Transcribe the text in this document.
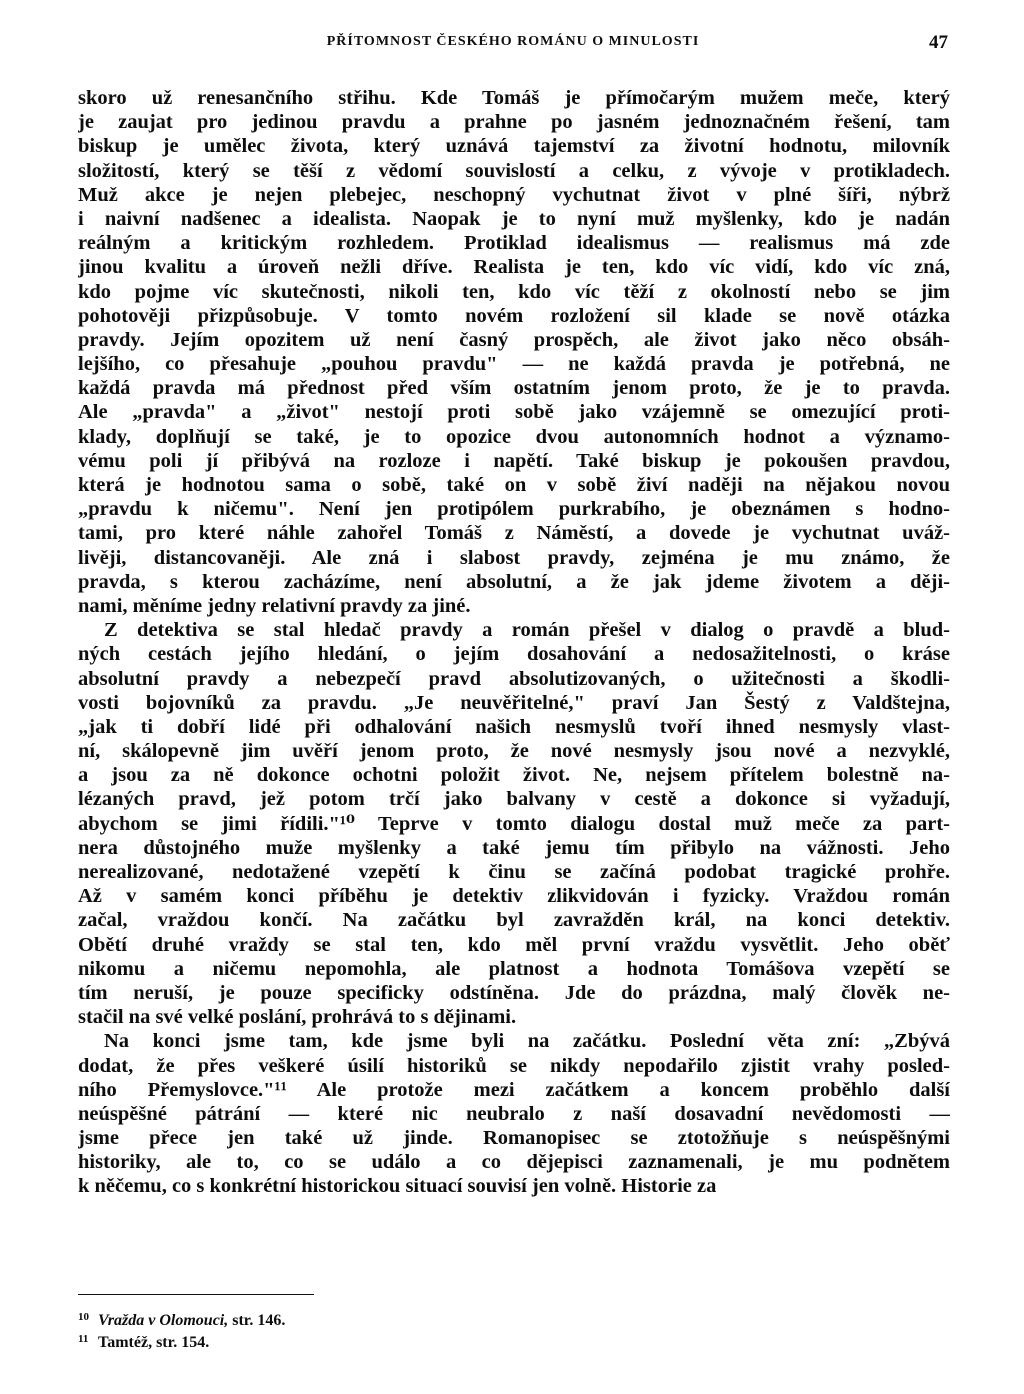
PŘÍTOMNOST ČESKÉHO ROMÁNU O MINULOSTI	47
skoro už renesančního střihu. Kde Tomáš je přímočarým mužem meče, který
je zaujat pro jedinou pravdu a prahne po jasném jednoznačném řešení, tam
biskup je umělec života, který uznává tajemství za životní hodnotu, milovník
složitostí, který se těší z vědomí souvislostí a celku, z vývoje v protikladech.
Muž akce je nejen plebejec, neschopný vychutnat život v plné šíři, nýbrž
i naivní nadšenec a idealista. Naopak je to nyní muž myšlenky, kdo je nadán
reálným a kritickým rozhledem. Protiklad idealismus — realismus má zde
jinou kvalitu a úroveň nežli dříve. Realista je ten, kdo víc vidí, kdo víc zná,
kdo pojme víc skutečnosti, nikoli ten, kdo víc těží z okolností nebo se jim
pohotověji přizpůsobuje. V tomto novém rozložení sil klade se nově otázka
pravdy. Jejím opozitem už není časný prospěch, ale život jako něco obsáh-
lejšího, co přesahuje „pouhou pravdu" — ne každá pravda je potřebná, ne
každá pravda má přednost před vším ostatním jenom proto, že je to pravda.
Ale „pravda" a „život" nestojí proti sobě jako vzájemně se omezující proti-
klady, doplňují se také, je to opozice dvou autonomních hodnot a významo-
vému poli jí přibývá na rozloze i napětí. Také biskup je pokoušen pravdou,
která je hodnotou sama o sobě, také on v sobě živí naději na nějakou novou
„pravdu k ničemu". Není jen protipólem purkrabího, je obeznámen s hodno-
tami, pro které náhle zahořel Tomáš z Náměstí, a dovede je vychutnat uváž-
livěji, distancovaněji. Ale zná i slabost pravdy, zejména je mu známo, že
pravda, s kterou zacházíme, není absolutní, a že jak jdeme životem a ději-
nami, měníme jedny relativní pravdy za jiné.
Z detektiva se stal hledač pravdy a román přešel v dialog o pravdě a blud-
ných cestách jejího hledání, o jejím dosahování a nedosažitelnosti, o kráse
absolutní pravdy a nebezpečí pravd absolutizovaných, o užitečnosti a škodli-
vosti bojovníků za pravdu. „Je neuvěřitelné," praví Jan Šestý z Valdštejna,
„jak ti dobří lidé při odhalování našich nesmyslů tvoří ihned nesmysly vlast-
ní, skálopevně jim uvěří jenom proto, že nové nesmysly jsou nové a nezvyklé,
a jsou za ně dokonce ochotni položit život. Ne, nejsem přítelem bolestně na-
lézaných pravd, jež potom trčí jako balvany v cestě a dokonce si vyžadují,
abychom se jimi řídili."¹⁰ Teprve v tomto dialogu dostal muž meče za part-
nera důstojného muže myšlenky a také jemu tím přibylo na vážnosti. Jeho
nerealizované, nedotažené vzepětí k činu se začíná podobat tragické prohře.
Až v samém konci příběhu je detektiv zlikvidován i fyzicky. Vraždou román
začal, vraždou končí. Na začátku byl zavražděn král, na konci detektiv.
Obětí druhé vraždy se stal ten, kdo měl první vraždu vysvětlit. Jeho oběť
nikomu a ničemu nepomohla, ale platnost a hodnota Tomášova vzepětí se
tím neruší, je pouze specificky odstíněna. Jde do prázdna, malý člověk ne-
stačil na své velké poslání, prohrává to s dějinami.
Na konci jsme tam, kde jsme byli na začátku. Poslední věta zní: „Zbývá
dodat, že přes veškeré úsilí historiků se nikdy nepodařilo zjistit vrahy posled-
ního Přemyslovce."¹¹ Ale protože mezi začátkem a koncem proběhlo další
neúspěšné pátrání — které nic neubralo z naší dosavadní nevědomosti —
jsme přece jen také už jinde. Romanopisec se ztotožňuje s neúspěšnými
historiky, ale to, co se událo a co dějepisci zaznamenali, je mu podnětem
k něčemu, co s konkrétní historickou situací souvisí jen volně. Historie za
10 Vražda v Olomouci, str. 146.
11 Tamtéž, str. 154.
